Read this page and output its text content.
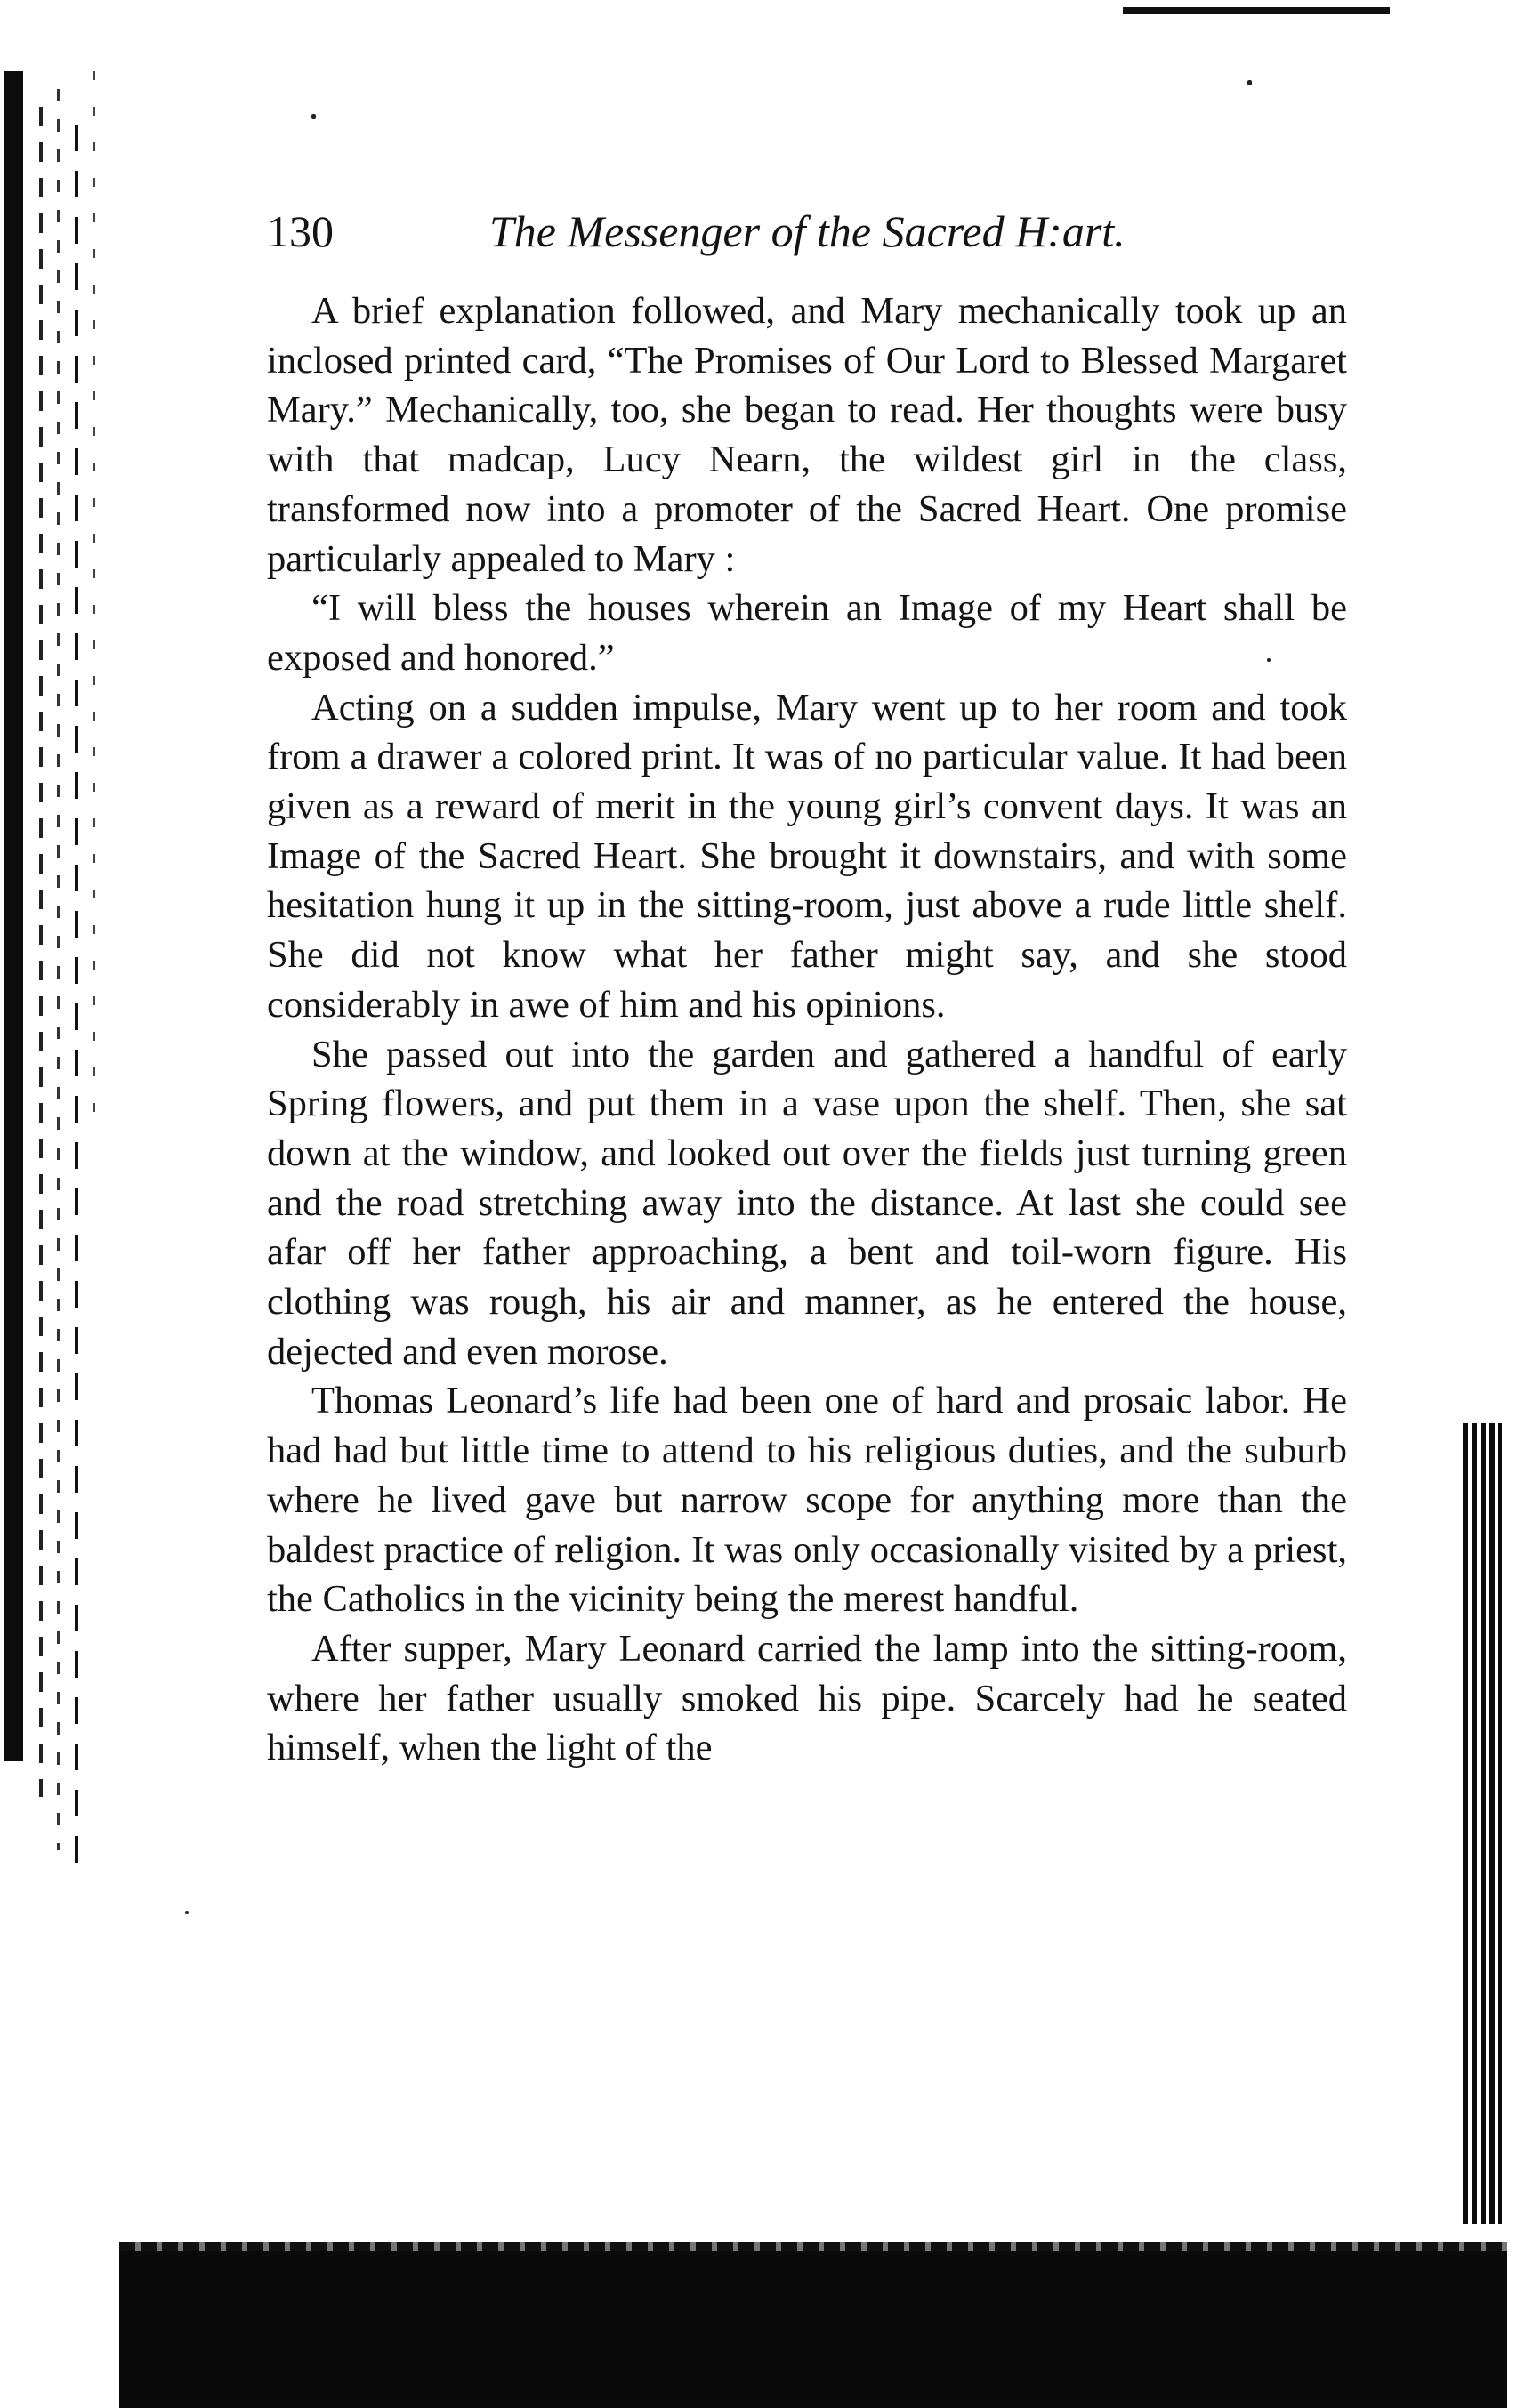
130	The Messenger of the Sacred H:art.

A brief explanation followed, and Mary mechanically took up an inclosed printed card, “The Promises of Our Lord to Blessed Margaret Mary.” Mechanically, too, she began to read. Her thoughts were busy with that madcap, Lucy Nearn, the wildest girl in the class, transformed now into a promoter of the Sacred Heart. One promise particularly appealed to Mary :

“I will bless the houses wherein an Image of my Heart shall be exposed and honored.”

Acting on a sudden impulse, Mary went up to her room and took from a drawer a colored print. It was of no particular value. It had been given as a reward of merit in the young girl’s convent days. It was an Image of the Sacred Heart. She brought it downstairs, and with some hesitation hung it up in the sitting-room, just above a rude little shelf. She did not know what her father might say, and she stood considerably in awe of him and his opinions.

She passed out into the garden and gathered a handful of early Spring flowers, and put them in a vase upon the shelf. Then, she sat down at the window, and looked out over the fields just turning green and the road stretching away into the distance. At last she could see afar off her father approaching, a bent and toil-worn figure. His clothing was rough, his air and manner, as he entered the house, dejected and even morose.

Thomas Leonard’s life had been one of hard and prosaic labor. He had had but little time to attend to his religious duties, and the suburb where he lived gave but narrow scope for anything more than the baldest practice of religion. It was only occasionally visited by a priest, the Catholics in the vicinity being the merest handful.

After supper, Mary Leonard carried the lamp into the sitting-room, where her father usually smoked his pipe. Scarcely had he seated himself, when the light of the
